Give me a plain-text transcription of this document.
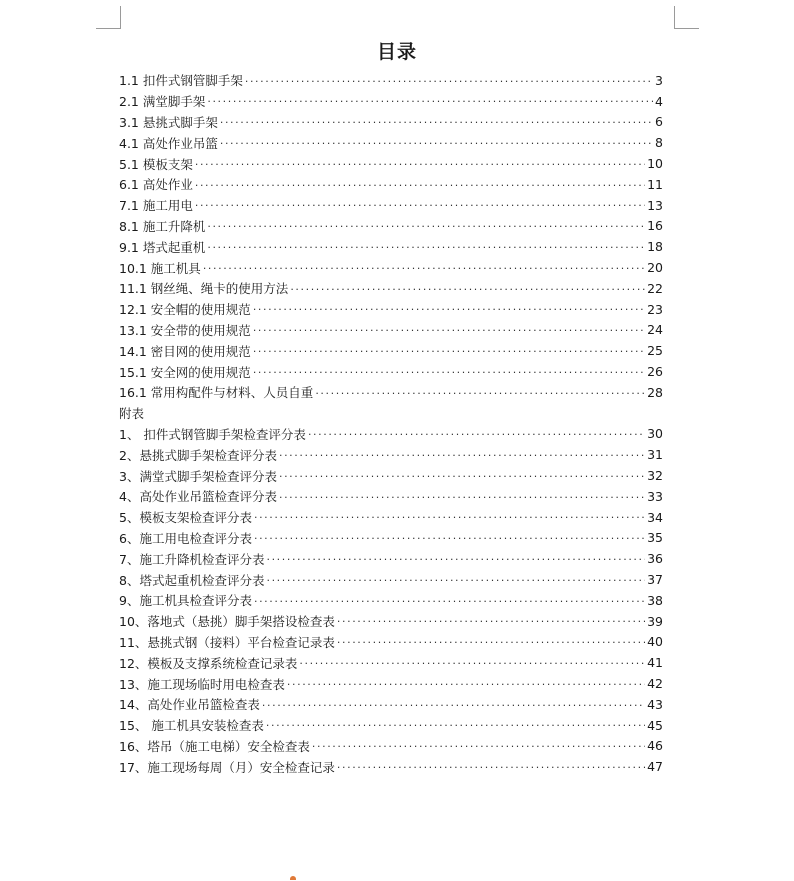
目录
1.1 扣件式钢管脚手架 .....	3
2.1 满堂脚手架 .....	4
3.1 悬挑式脚手架 .....	6
4.1 高处作业吊篮 .....	8
5.1 模板支架 .....	10
6.1 高处作业 .....	11
7.1 施工用电 .....	13
8.1 施工升降机 .....	16
9.1 塔式起重机 .....	18
10.1 施工机具 .....	20
11.1 钢丝绳、绳卡的使用方法 .....	22
12.1 安全帽的使用规范 .....	23
13.1 安全带的使用规范 .....	24
14.1 密目网的使用规范 .....	25
15.1 安全网的使用规范 .....	26
16.1 常用构配件与材料、人员自重 .....	28
附表
1、 扣件式钢管脚手架检查评分表 .....	30
2、悬挑式脚手架检查评分表 .....	31
3、满堂式脚手架检查评分表 .....	32
4、高处作业吊篮检查评分表 .....	33
5、模板支架检查评分表 .....	34
6、施工用电检查评分表 .....	35
7、施工升降机检查评分表 .....	36
8、塔式起重机检查评分表 .....	37
9、施工机具检查评分表 .....	38
10、落地式（悬挑）脚手架搭设检查表 .....	39
11、悬挑式钢（接料）平台检查记录表 .....	40
12、模板及支撑系统检查记录表 .....	41
13、施工现场临时用电检查表 .....	42
14、高处作业吊篮检查表 .....	43
15、 施工机具安装检查表 .....	45
16、塔吊（施工电梯）安全检查表 .....	46
17、施工现场每周（月）安全检查记录 .....	47
